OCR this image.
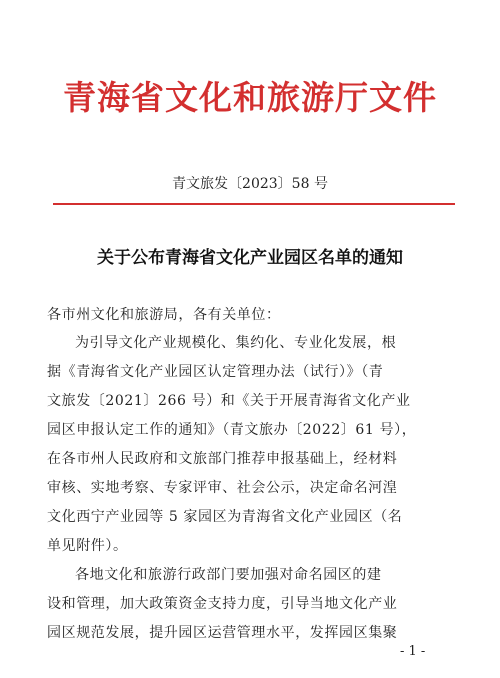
青海省文化和旅游厅文件
青文旅发〔2023〕58 号
关于公布青海省文化产业园区名单的通知
各市州文化和旅游局，各有关单位：
为引导文化产业规模化、集约化、专业化发展，根
据《青海省文化产业园区认定管理办法（试行）》（青
文旅发〔2021〕266 号）和《关于开展青海省文化产业
园区申报认定工作的通知》（青文旅办〔2022〕61 号），
在各市州人民政府和文旅部门推荐申报基础上，经材料
审核、实地考察、专家评审、社会公示，决定命名河湟
文化西宁产业园等 5 家园区为青海省文化产业园区（名
单见附件）。
各地文化和旅游行政部门要加强对命名园区的建
设和管理，加大政策资金支持力度，引导当地文化产业
园区规范发展，提升园区运营管理水平，发挥园区集聚
- 1 -
